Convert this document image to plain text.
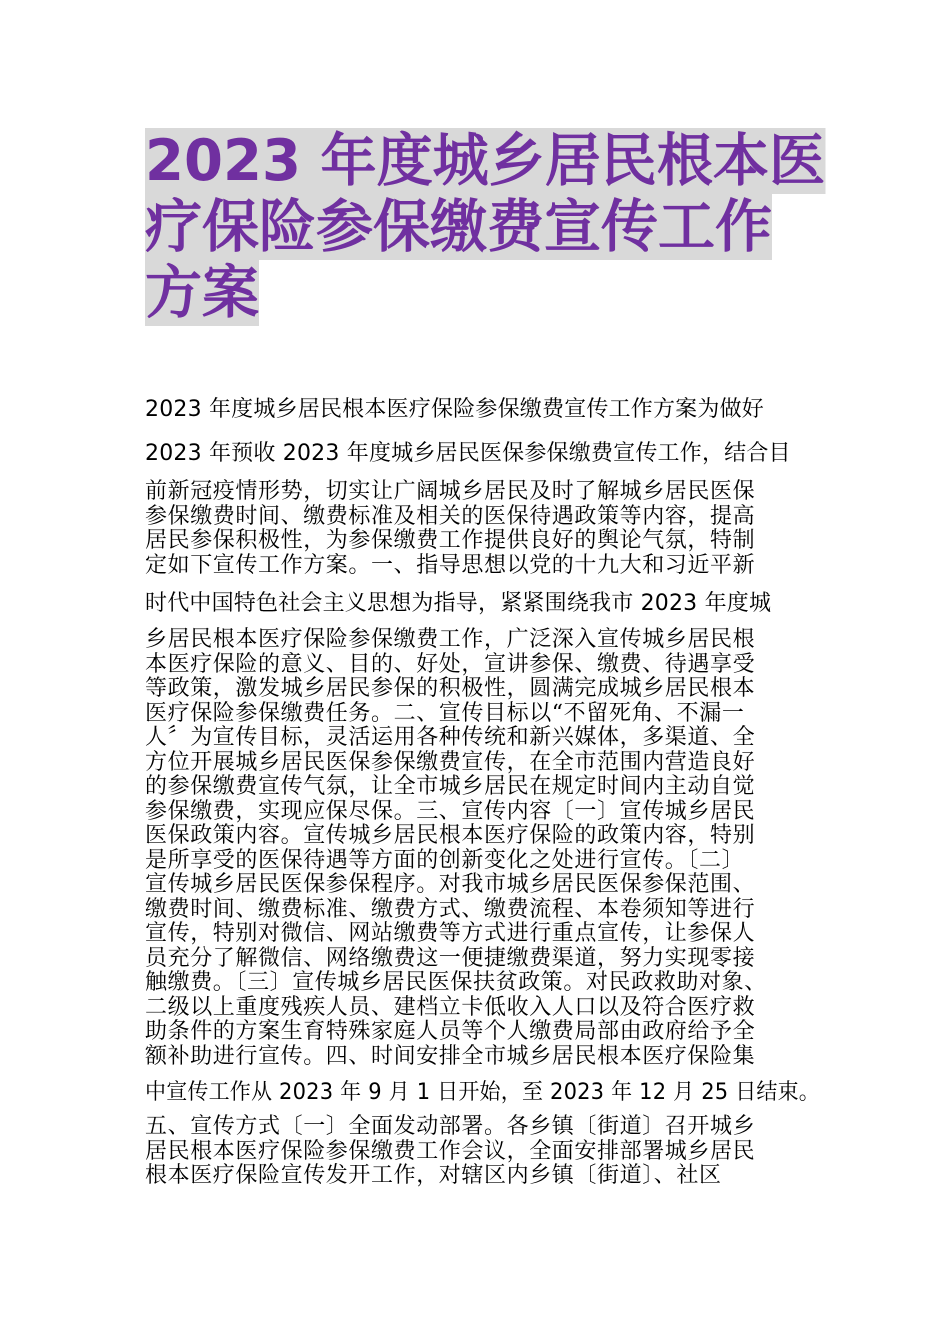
2023 年度城乡居民根本医
疗保险参保缴费宣传工作
方案
2023 年度城乡居民根本医疗保险参保缴费宣传工作方案为做好
2023 年预收 2023 年度城乡居民医保参保缴费宣传工作，结合目
前新冠疫情形势，切实让广阔城乡居民及时了解城乡居民医保
参保缴费时间、缴费标准及相关的医保待遇政策等内容，提高
居民参保积极性，为参保缴费工作提供良好的舆论气氛，特制
定如下宣传工作方案。一、指导思想以党的十九大和习近平新
时代中国特色社会主义思想为指导，紧紧围绕我市 2023 年度城
乡居民根本医疗保险参保缴费工作，广泛深入宣传城乡居民根
本医疗保险的意义、目的、好处，宣讲参保、缴费、待遇享受
等政策，激发城乡居民参保的积极性，圆满完成城乡居民根本
医疗保险参保缴费任务。二、宣传目标以“不留死角、不漏一
人〞为宣传目标，灵活运用各种传统和新兴媒体，多渠道、全
方位开展城乡居民医保参保缴费宣传，在全市范围内营造良好
的参保缴费宣传气氛，让全市城乡居民在规定时间内主动自觉
参保缴费，实现应保尽保。三、宣传内容〔一〕宣传城乡居民
医保政策内容。宣传城乡居民根本医疗保险的政策内容，特别
是所享受的医保待遇等方面的创新变化之处进行宣传。〔二〕
宣传城乡居民医保参保程序。对我市城乡居民医保参保范围、
缴费时间、缴费标准、缴费方式、缴费流程、本卷须知等进行
宣传，特别对微信、网站缴费等方式进行重点宣传，让参保人
员充分了解微信、网络缴费这一便捷缴费渠道，努力实现零接
触缴费。〔三〕宣传城乡居民医保扶贫政策。对民政救助对象、
二级以上重度残疾人员、建档立卡低收入人口以及符合医疗救
助条件的方案生育特殊家庭人员等个人缴费局部由政府给予全
额补助进行宣传。四、时间安排全市城乡居民根本医疗保险集
中宣传工作从 2023 年 9 月 1 日开始，至 2023 年 12 月 25 日结束。
五、宣传方式〔一〕全面发动部署。各乡镇〔街道〕召开城乡
居民根本医疗保险参保缴费工作会议，全面安排部署城乡居民
根本医疗保险宣传发开工作，对辖区内乡镇〔街道〕、社区
